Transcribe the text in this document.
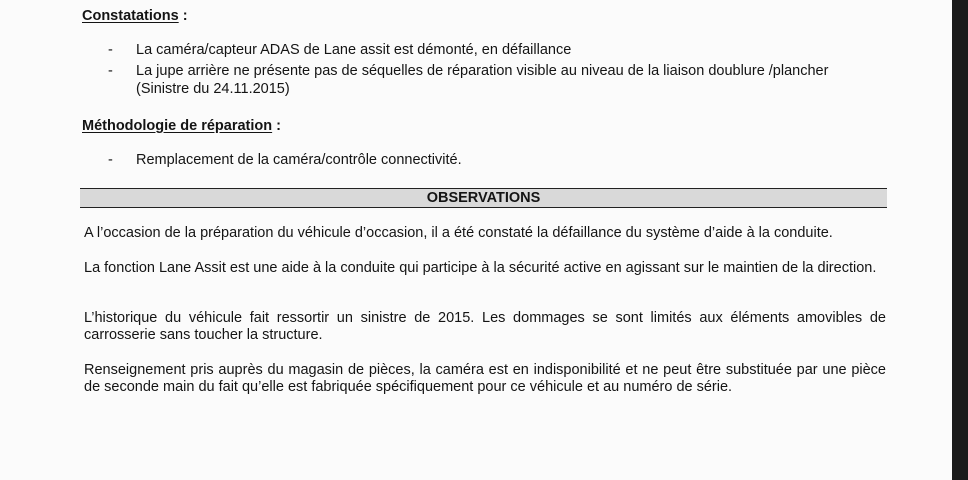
Constatations :
- La caméra/capteur ADAS de Lane assit est démonté, en défaillance
- La jupe arrière ne présente pas de séquelles de réparation visible au niveau de la liaison doublure /plancher
(Sinistre du 24.11.2015)
Méthodologie de réparation :
- Remplacement de la caméra/contrôle connectivité.
OBSERVATIONS
A l’occasion de la préparation du véhicule d’occasion, il a été constaté la défaillance du système d’aide à la conduite.
La fonction Lane Assit est une aide à la conduite qui participe à la sécurité active en agissant sur le maintien de la direction.
L’historique du véhicule fait ressortir un sinistre de 2015. Les dommages se sont limités aux éléments amovibles de carrosserie sans toucher la structure.
Renseignement pris auprès du magasin de pièces, la caméra est en indisponibilité et ne peut être substituée par une pièce de seconde main du fait qu’elle est fabriquée spécifiquement pour ce véhicule et au numéro de série.
